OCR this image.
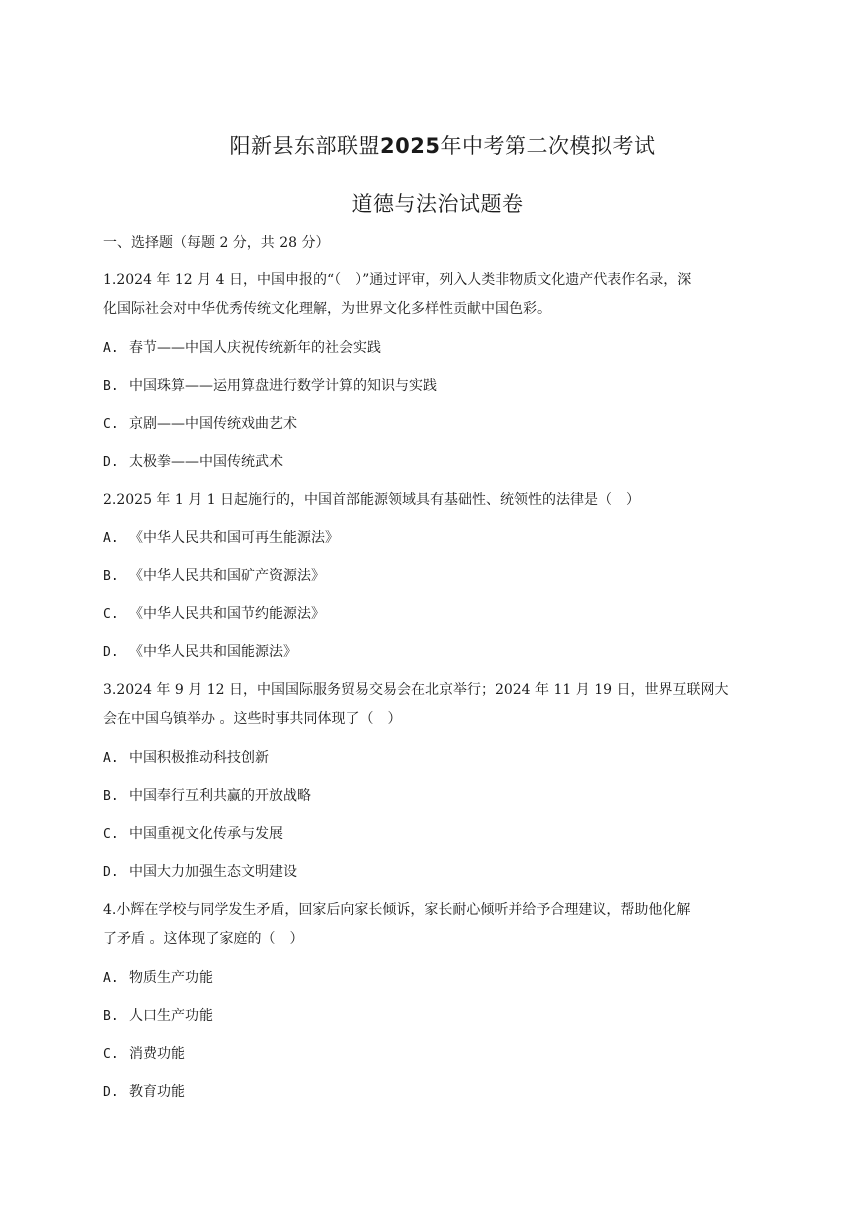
阳新县东部联盟2025年中考第二次模拟考试
道德与法治试题卷
一、选择题（每题 2 分，共 28 分）
1.2024 年 12 月 4 日，中国申报的“（　）”通过评审，列入人类非物质文化遗产代表作名录，深
化国际社会对中华优秀传统文化理解，为世界文化多样性贡献中国色彩。
A. 春节——中国人庆祝传统新年的社会实践
B. 中国珠算——运用算盘进行数学计算的知识与实践
C. 京剧——中国传统戏曲艺术
D. 太极拳——中国传统武术
2.2025 年 1 月 1 日起施行的，中国首部能源领域具有基础性、统领性的法律是（　）
A. 《中华人民共和国可再生能源法》
B. 《中华人民共和国矿产资源法》
C. 《中华人民共和国节约能源法》
D. 《中华人民共和国能源法》
3.2024 年 9 月 12 日，中国国际服务贸易交易会在北京举行；2024 年 11 月 19 日，世界互联网大
会在中国乌镇举办 。这些时事共同体现了（　）
A. 中国积极推动科技创新
B. 中国奉行互利共赢的开放战略
C. 中国重视文化传承与发展
D. 中国大力加强生态文明建设
4.小辉在学校与同学发生矛盾，回家后向家长倾诉，家长耐心倾听并给予合理建议，帮助他化解
了矛盾 。这体现了家庭的（　）
A. 物质生产功能
B. 人口生产功能
C. 消费功能
D. 教育功能
